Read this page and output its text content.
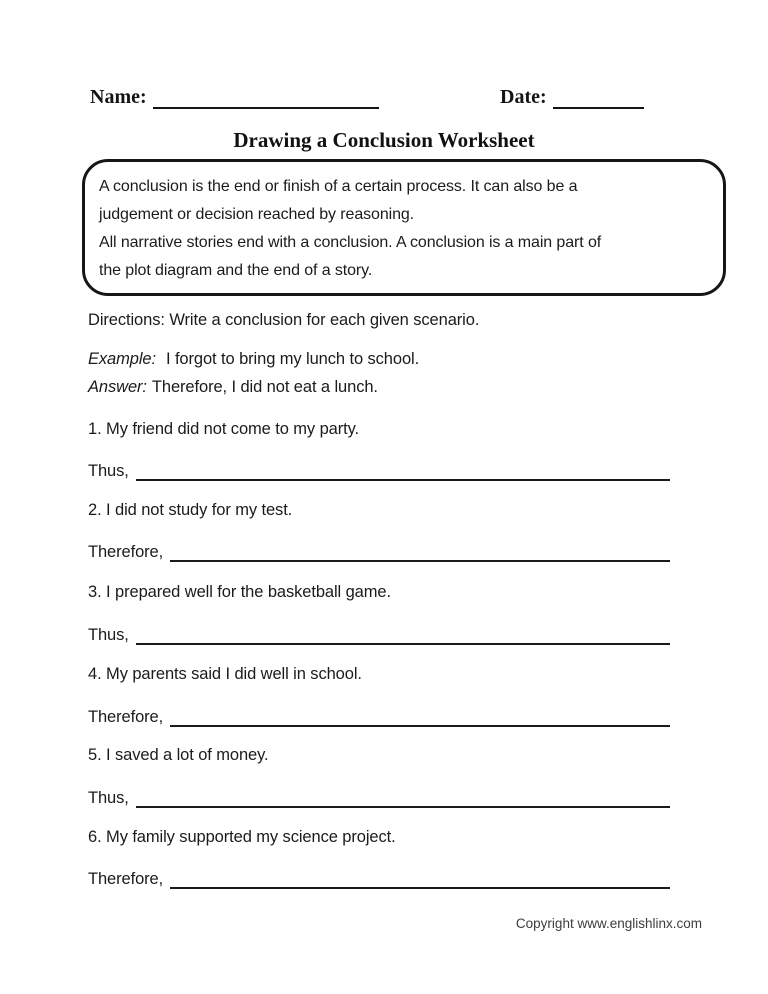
Name:	Date:
Drawing a Conclusion Worksheet
A conclusion is the end or finish of a certain process. It can also be a
judgement or decision reached by reasoning.
All narrative stories end with a conclusion. A conclusion is a main part of
the plot diagram and the end of a story.
Directions: Write a conclusion for each given scenario.
Example: I forgot to bring my lunch to school.
Answer: Therefore, I did not eat a lunch.
1. My friend did not come to my party.
Thus,
2. I did not study for my test.
Therefore,
3. I prepared well for the basketball game.
Thus,
4. My parents said I did well in school.
Therefore,
5. I saved a lot of money.
Thus,
6. My family supported my science project.
Therefore,
Copyright www.englishlinx.com
